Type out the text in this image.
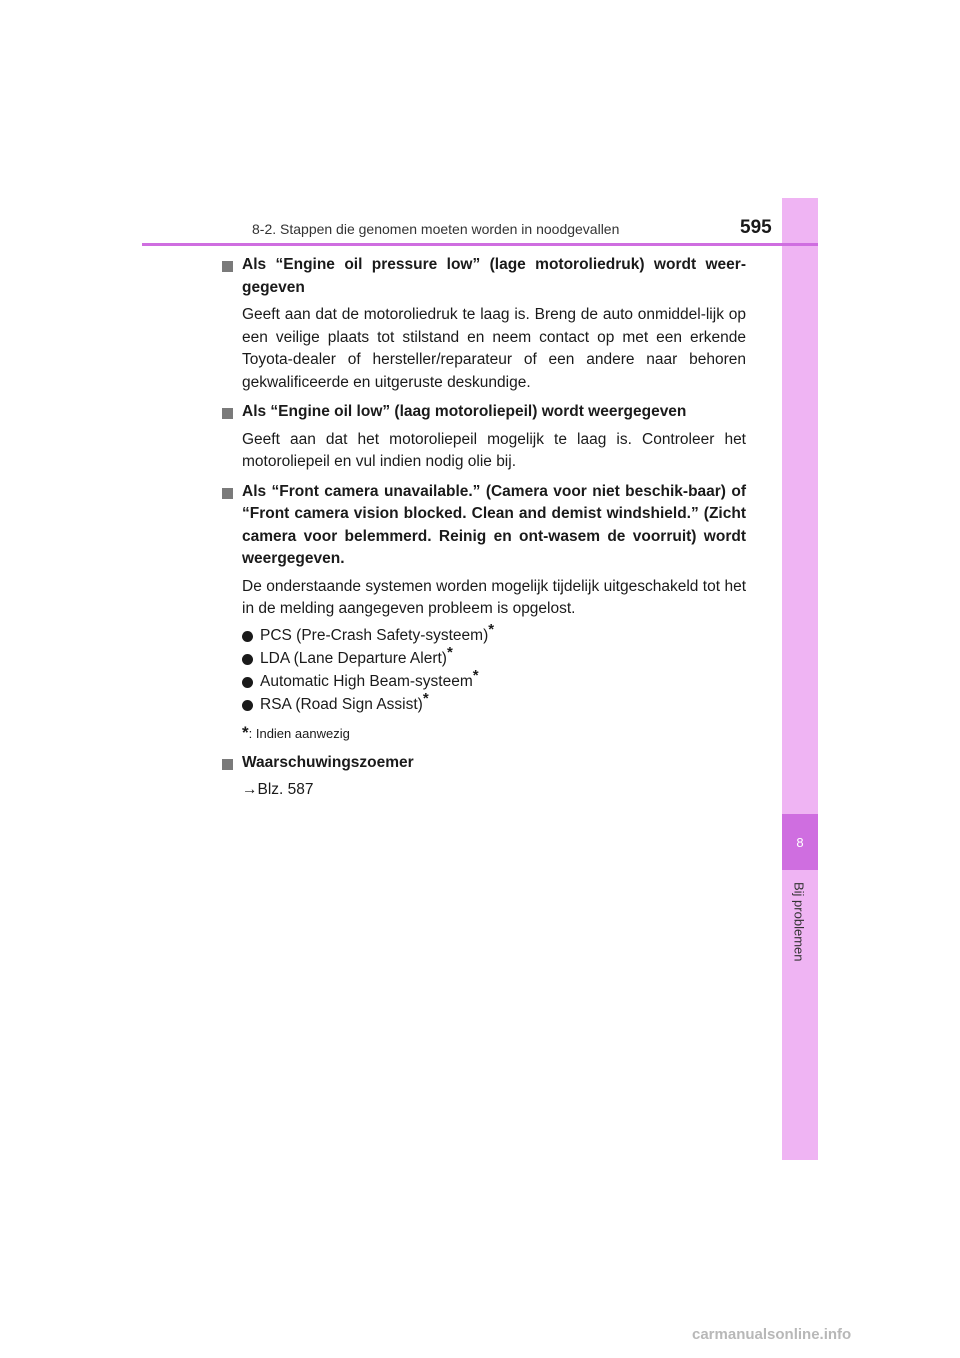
8
Bij problemen
8-2. Stappen die genomen moeten worden in noodgevallen	595
Als “Engine oil pressure low” (lage motoroliedruk) wordt weer-gegeven
Geeft aan dat de motoroliedruk te laag is. Breng de auto onmiddel-lijk op een veilige plaats tot stilstand en neem contact op met een erkende Toyota-dealer of hersteller/reparateur of een andere naar behoren gekwalificeerde en uitgeruste deskundige.
Als “Engine oil low” (laag motoroliepeil) wordt weergegeven
Geeft aan dat het motoroliepeil mogelijk te laag is. Controleer het motoroliepeil en vul indien nodig olie bij.
Als “Front camera unavailable.” (Camera voor niet beschik-baar) of “Front camera vision blocked. Clean and demist windshield.” (Zicht camera voor belemmerd. Reinig en ont-wasem de voorruit) wordt weergegeven.
De onderstaande systemen worden mogelijk tijdelijk uitgeschakeld tot het in de melding aangegeven probleem is opgelost.
PCS (Pre-Crash Safety-systeem)*
LDA (Lane Departure Alert)*
Automatic High Beam-systeem*
RSA (Road Sign Assist)*
*: Indien aanwezig
Waarschuwingszoemer
→Blz. 587
carmanualsonline.info
